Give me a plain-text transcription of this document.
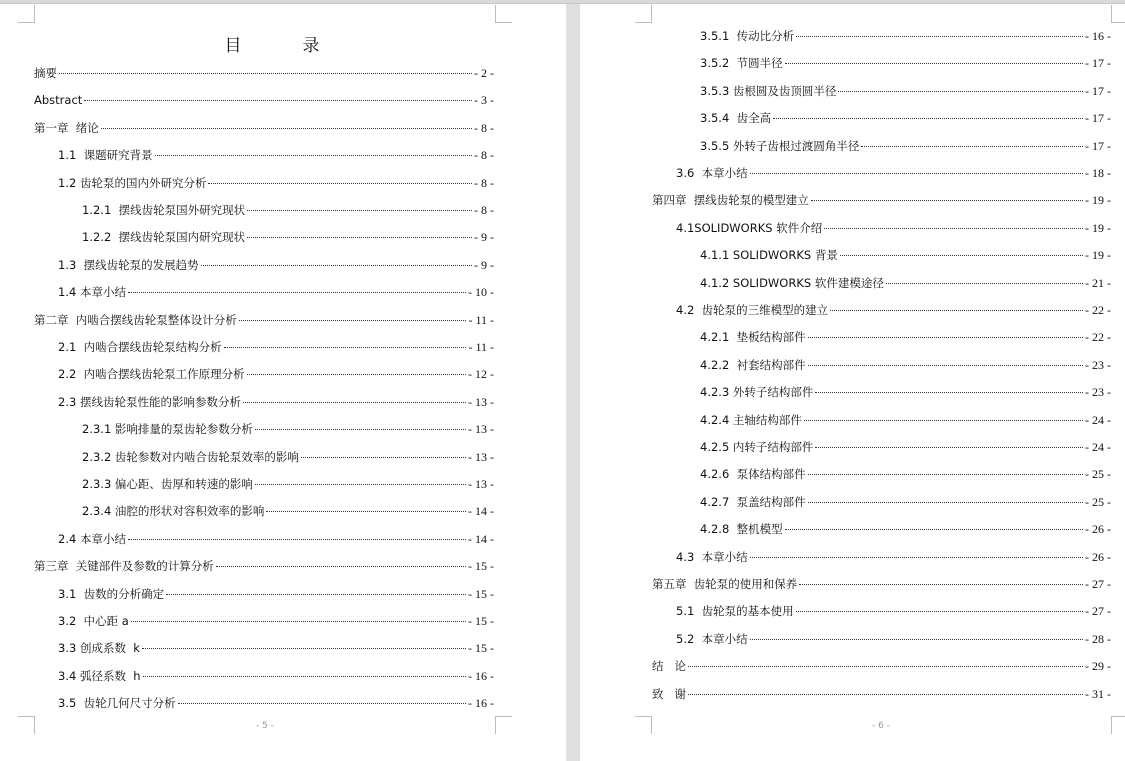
目　录
摘要	- 2 -
Abstract	- 3 -
第一章  绪论	- 8 -
1.1  课题研究背景	- 8 -
1.2 齿轮泵的国内外研究分析	- 8 -
1.2.1  摆线齿轮泵国外研究现状	- 8 -
1.2.2  摆线齿轮泵国内研究现状	- 9 -
1.3  摆线齿轮泵的发展趋势	- 9 -
1.4 本章小结	- 10 -
第二章  内啮合摆线齿轮泵整体设计分析	- 11 -
2.1  内啮合摆线齿轮泵结构分析	- 11 -
2.2  内啮合摆线齿轮泵工作原理分析	- 12 -
2.3 摆线齿轮泵性能的影响参数分析	- 13 -
2.3.1 影响排量的泵齿轮参数分析	- 13 -
2.3.2 齿轮参数对内啮合齿轮泵效率的影响	- 13 -
2.3.3 偏心距、齿厚和转速的影响	- 13 -
2.3.4 油腔的形状对容积效率的影响	- 14 -
2.4 本章小结	- 14 -
第三章  关键部件及参数的计算分析	- 15 -
3.1  齿数的分析确定	- 15 -
3.2  中心距 a	- 15 -
3.3 创成系数  k	- 15 -
3.4 弧径系数  h	- 16 -
3.5  齿轮几何尺寸分析	- 16 -
- 5 -
3.5.1  传动比分析	- 16 -
3.5.2  节圆半径	- 17 -
3.5.3 齿根圆及齿顶圆半径	- 17 -
3.5.4  齿全高	- 17 -
3.5.5 外转子齿根过渡圆角半径	- 17 -
3.6  本章小结	- 18 -
第四章  摆线齿轮泵的模型建立	- 19 -
4.1SOLIDWORKS 软件介绍	- 19 -
4.1.1 SOLIDWORKS 背景	- 19 -
4.1.2 SOLIDWORKS 软件建模途径	- 21 -
4.2  齿轮泵的三维模型的建立	- 22 -
4.2.1  垫板结构部件	- 22 -
4.2.2  衬套结构部件	- 23 -
4.2.3 外转子结构部件	- 23 -
4.2.4 主轴结构部件	- 24 -
4.2.5 内转子结构部件	- 24 -
4.2.6  泵体结构部件	- 25 -
4.2.7  泵盖结构部件	- 25 -
4.2.8  整机模型	- 26 -
4.3  本章小结	- 26 -
第五章  齿轮泵的使用和保养	- 27 -
5.1  齿轮泵的基本使用	- 27 -
5.2  本章小结	- 28 -
结   论	- 29 -
致   谢	- 31 -
- 6 -
